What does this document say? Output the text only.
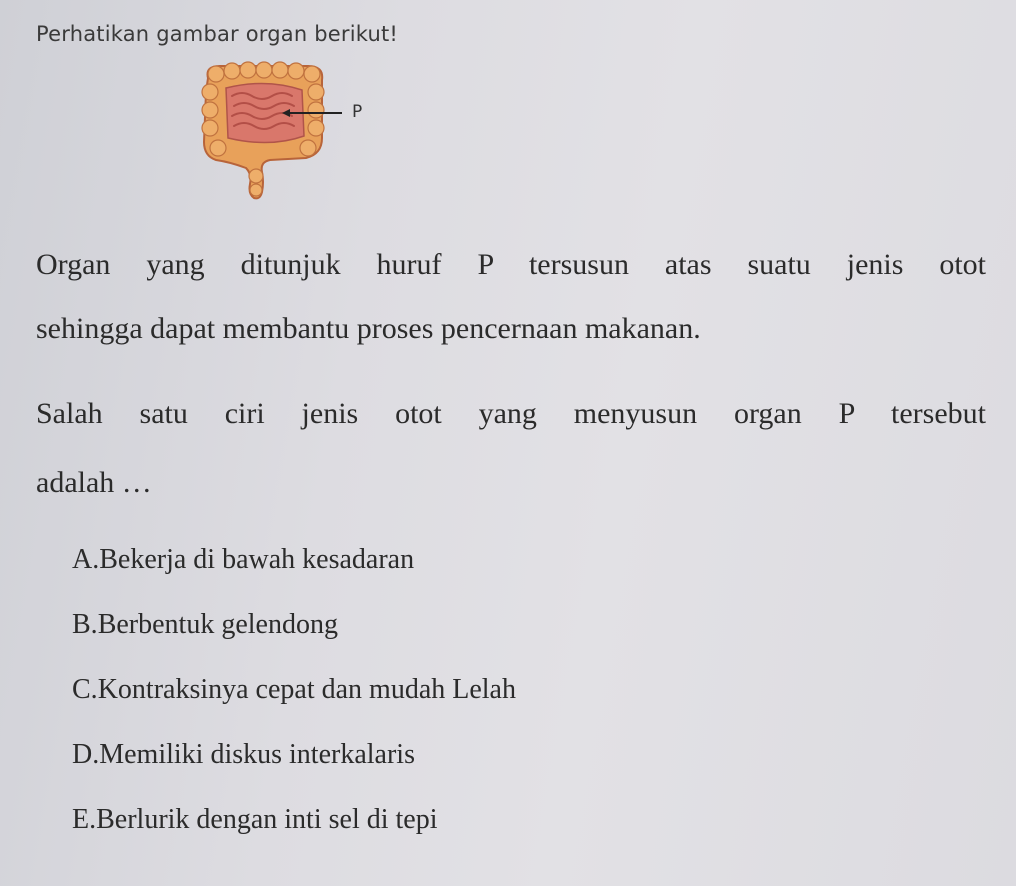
Perhatikan gambar organ berikut!
P
Organ yang ditunjuk huruf P tersusun atas suatu jenis otot
sehingga dapat membantu proses pencernaan makanan.
Salah satu ciri jenis otot yang menyusun organ P tersebut
adalah …
A.Bekerja di bawah kesadaran
B.Berbentuk gelendong
C.Kontraksinya cepat dan mudah Lelah
D.Memiliki diskus interkalaris
E.Berlurik dengan inti sel di tepi
